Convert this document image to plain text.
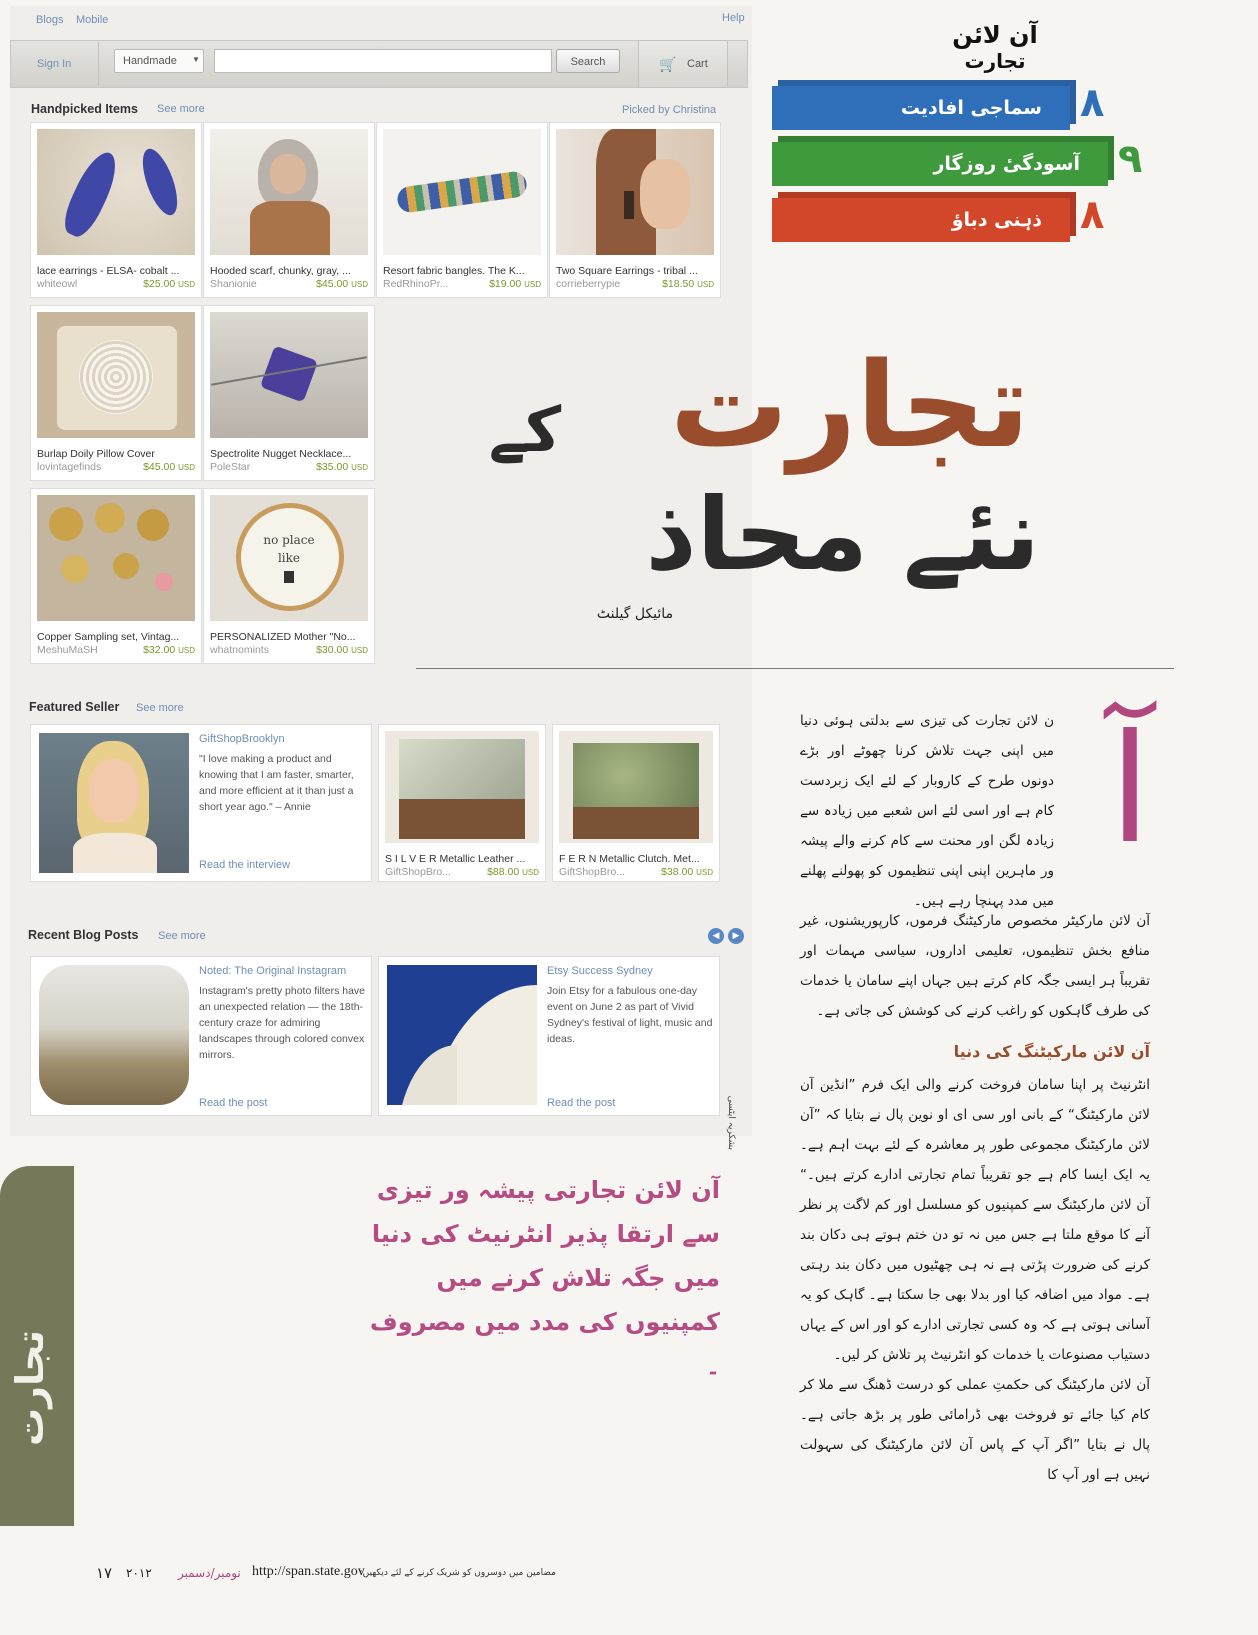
Blogs Mobile	Help
Sign In	Handmade ▼	Search	🛒 Cart
Handpicked Items See more	Picked by Christina
lace earrings - ELSA- cobalt ...
whiteowl	$25.00 USD
Hooded scarf, chunky, gray, ...
Shanionie	$45.00 USD
Resort fabric bangles. The K...
RedRhinoPr...	$19.00 USD
Two Square Earrings - tribal ...
corrieberrypie	$18.50 USD
Burlap Doily Pillow Cover
lovintagefinds	$45.00 USD
Spectrolite Nugget Necklace...
PoleStar	$35.00 USD
Copper Sampling set, Vintag...
MeshuMaSH	$32.00 USD
no place
like
PERSONALIZED Mother "No...
whatnomints	$30.00 USD
Featured Seller See more
GiftShopBrooklyn
"I love making a product and knowing that I am faster, smarter, and more efficient at it than just a short year ago." – Annie
Read the interview	S I L V E R Metallic Leather ...
GiftShopBro...	$88.00 USD
F E R N Metallic Clutch. Met...
GiftShopBro...	$38.00 USD
Recent Blog Posts See more	◀	▶
Noted: The Original Instagram
Instagram's pretty photo filters have an unexpected relation — the 18th-century craze for admiring landscapes through colored convex mirrors.
Read the post
Etsy Success Sydney
Join Etsy for a fabulous one-day event on June 2 as part of Vivid Sydney's festival of light, music and ideas.
Read the post	بشکریہ ایٹسی
آن لائن
تجارت
سماجی افادیت ۸
آسودگیٔ روزگار ۹
ذہنی دباؤ ۸
تجارت
کے
نئے محاذ
مائیکل گیلنٹ
آ

ن لائن تجارت کی تیزی سے بدلتی ہوئی دنیا میں اپنی جہت تلاش کرنا چھوٹے اور بڑے دونوں طرح کے کاروبار کے لئے ایک زبردست کام ہے اور اسی لئے اس شعبے میں زیادہ سے زیادہ لگن اور محنت سے کام کرنے والے پیشہ ور ماہرین اپنی اپنی تنظیموں کو پھولنے پھلنے میں مدد پہنچا رہے ہیں۔

آن لائن مارکیٹر مخصوص مارکیٹنگ فرموں، کارپوریشنوں، غیر منافع بخش تنظیموں، تعلیمی اداروں، سیاسی مہمات اور تقریباً ہر ایسی جگہ کام کرتے ہیں جہاں اپنے سامان یا خدمات کی طرف گاہکوں کو راغب کرنے کی کوشش کی جاتی ہے۔

آن لائن مارکیٹنگ کی دنیا

انٹرنیٹ پر اپنا سامان فروخت کرنے والی ایک فرم ”انڈین آن لائن مارکیٹنگ“ کے بانی اور سی ای او نوین پال نے بتایا کہ ”آن لائن مارکیٹنگ مجموعی طور پر معاشرہ کے لئے بہت اہم ہے۔ یہ ایک ایسا کام ہے جو تقریباً تمام تجارتی ادارے کرتے ہیں۔“ آن لائن مارکیٹنگ سے کمپنیوں کو مسلسل اور کم لاگت پر نظر آنے کا موقع ملتا ہے جس میں نہ تو دن ختم ہوتے ہی دکان بند کرنے کی ضرورت پڑتی ہے نہ ہی چھٹیوں میں دکان بند رہتی ہے۔ مواد میں اضافہ کیا اور بدلا بھی جا سکتا ہے۔ گاہک کو یہ آسانی ہوتی ہے کہ وہ کسی تجارتی ادارے کو اور اس کے یہاں دستیاب مصنوعات یا خدمات کو انٹرنیٹ پر تلاش کر لیں۔

آن لائن مارکیٹنگ کی حکمتِ عملی کو درست ڈھنگ سے ملا کر کام کیا جائے تو فروخت بھی ڈرامائی طور پر بڑھ جاتی ہے۔ پال نے بتایا ”اگر آپ کے پاس آن لائن مارکیٹنگ کی سہولت نہیں ہے اور آپ کا

آن لائن تجارتی پیشہ ور تیزی سے ارتقا پذیر انٹرنیٹ کی دنیا میں جگہ تلاش کرنے میں کمپنیوں کی مدد میں مصروف ۔
تجارت
۱۷ ۲۰۱۲ نومبر/دسمبر http://span.state.gov
مضامین میں دوسروں کو شریک کرنے کے لئے دیکھیں:
